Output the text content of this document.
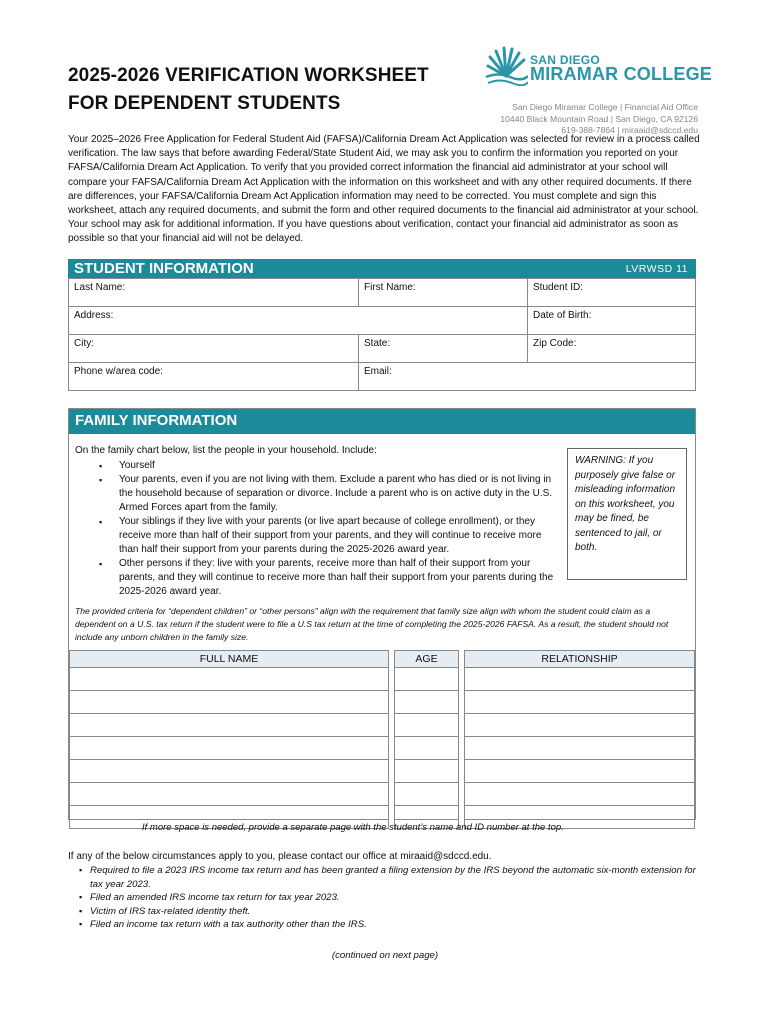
2025-2026 VERIFICATION WORKSHEET
FOR DEPENDENT STUDENTS
SAN DIEGO
MIRAMAR COLLEGE
San Diego Miramar College | Financial Aid Office
10440 Black Mountain Road | San Diego, CA 92126
619-388-7864 | miraaid@sdccd.edu
Your 2025–2026 Free Application for Federal Student Aid (FAFSA)/California Dream Act Application was selected for review in a process called verification. The law says that before awarding Federal/State Student Aid, we may ask you to confirm the information you reported on your FAFSA/California Dream Act Application. To verify that you provided correct information the financial aid administrator at your school will compare your FAFSA/California Dream Act Application with the information on this worksheet and with any other required documents. If there are differences, your FAFSA/California Dream Act Application information may need to be corrected. You must complete and sign this worksheet, attach any required documents, and submit the form and other required documents to the financial aid administrator at your school. Your school may ask for additional information. If you have questions about verification, contact your financial aid administrator as soon as possible so that your financial aid will not be delayed.
STUDENT INFORMATION	LVRWSD 11
Last Name:	First Name:	Student ID:
Address:		Date of Birth:
City:	State:	Zip Code:
Phone w/area code:	Email:	
FAMILY INFORMATION
On the family chart below, list the people in your household. Include:
▪ Yourself
▪ Your parents, even if you are not living with them. Exclude a parent who has died or is not living in the household because of separation or divorce. Include a parent who is on active duty in the U.S. Armed Forces apart from the family.
▪ Your siblings if they live with your parents (or live apart because of college enrollment), or they receive more than half of their support from your parents, and they will continue to receive more than half their support from your parents during the 2025-2026 award year.
▪ Other persons if they: live with your parents, receive more than half of their support from your parents, and they will continue to receive more than half their support from your parents during the 2025-2026 award year.
WARNING: If you purposely give false or misleading information on this worksheet, you may be fined, be sentenced to jail, or both.
The provided criteria for “dependent children” or “other persons” align with the requirement that family size align with whom the student could claim as a dependent on a U.S. tax return if the student were to file a U.S tax return at the time of completing the 2025-2026 FAFSA. As a result, the student should not include any unborn children in the family size.
FULL NAME		AGE		RELATIONSHIP

If more space is needed, provide a separate page with the student’s name and ID number at the top.
If any of the below circumstances apply to you, please contact our office at miraaid@sdccd.edu.
▪ Required to file a 2023 IRS income tax return and has been granted a filing extension by the IRS beyond the automatic six-month extension for tax year 2023.
▪ Filed an amended IRS income tax return for tax year 2023.
▪ Victim of IRS tax-related identity theft.
▪ Filed an income tax return with a tax authority other than the IRS.
(continued on next page)
